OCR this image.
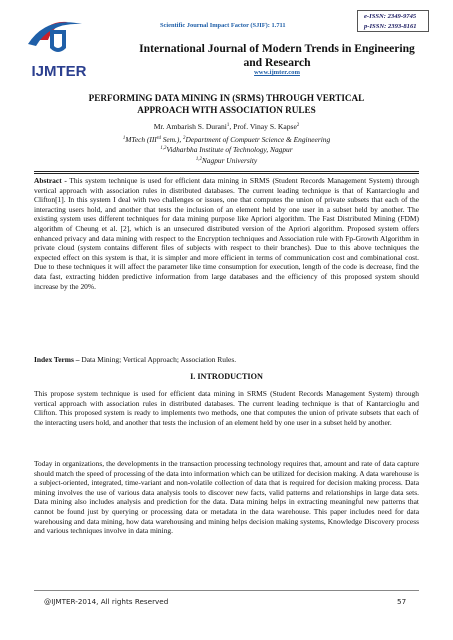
IJMTER
Scientific Journal Impact Factor (SJIF): 1.711
e-ISSN: 2349-9745
p-ISSN: 2393-8161
International Journal of Modern Trends in Engineering
and Research
www.ijmter.com
PERFORMING DATA MINING IN (SRMS) THROUGH VERTICAL
APPROACH WITH ASSOCIATION RULES
Mr. Ambarish S. Durani$^1$, Prof. Vinay S. Kapse$^2$
$^1$MTech (IIIrd Sem.), $^2$Department of Compuetr Science & Engineering
$^{1,2}$Vidharbha Institute of Technology, Nagpur
$^{1,2}$Nagpur University
Abstract - This system technique is used for efficient data mining in SRMS (Student Records Management System) through vertical approach with association rules in distributed databases. The current leading technique is that of Kantarcioglu and Clifton[1]. In this system I deal with two challenges or issues, one that computes the union of private subsets that each of the interacting users hold, and another that tests the inclusion of an element held by one user in a subset held by another. The existing system uses different techniques for data mining purpose like Apriori algorithm. The Fast Distributed Mining (FDM) algorithm of Cheung et al. [2], which is an unsecured distributed version of the Apriori algorithm. Proposed system offers enhanced privacy and data mining with respect to the Encryption techniques and Association rule with Fp-Growth Algorithm in private cloud (system contains different files of subjects with respect to their branches). Due to this above techniques the expected effect on this system is that, it is simpler and more efficient in terms of communication cost and combinational cost. Due to these techniques it will affect the parameter like time consumption for execution, length of the code is decrease, find the data fast, extracting hidden predictive information from large databases and the efficiency of this proposed system should increase by the 20%.
Index Terms – Data Mining; Vertical Approach; Association Rules.
I. INTRODUCTION
This propose system technique is used for efficient data mining in SRMS (Student Records Management System) through vertical approach with association rules in distributed databases. The current leading technique is that of Kantarcioglu and Clifton. This proposed system is ready to implements two methods, one that computes the union of private subsets that each of the interacting users hold, and another that tests the inclusion of an element held by one user in a subset held by another.
Today in organizations, the developments in the transaction processing technology requires that, amount and rate of data capture should match the speed of processing of the data into information which can be utilized for decision making. A data warehouse is a subject-oriented, integrated, time-variant and non-volatile collection of data that is required for decision making process. Data mining involves the use of various data analysis tools to discover new facts, valid patterns and relationships in large data sets. Data mining also includes analysis and prediction for the data. Data mining helps in extracting meaningful new patterns that cannot be found just by querying or processing data or metadata in the data warehouse. This paper includes need for data warehousing and data mining, how data warehousing and mining helps decision making systems, Knowledge Discovery process and various techniques involve in data mining.
@IJMTER-2014, All rights Reserved	57
